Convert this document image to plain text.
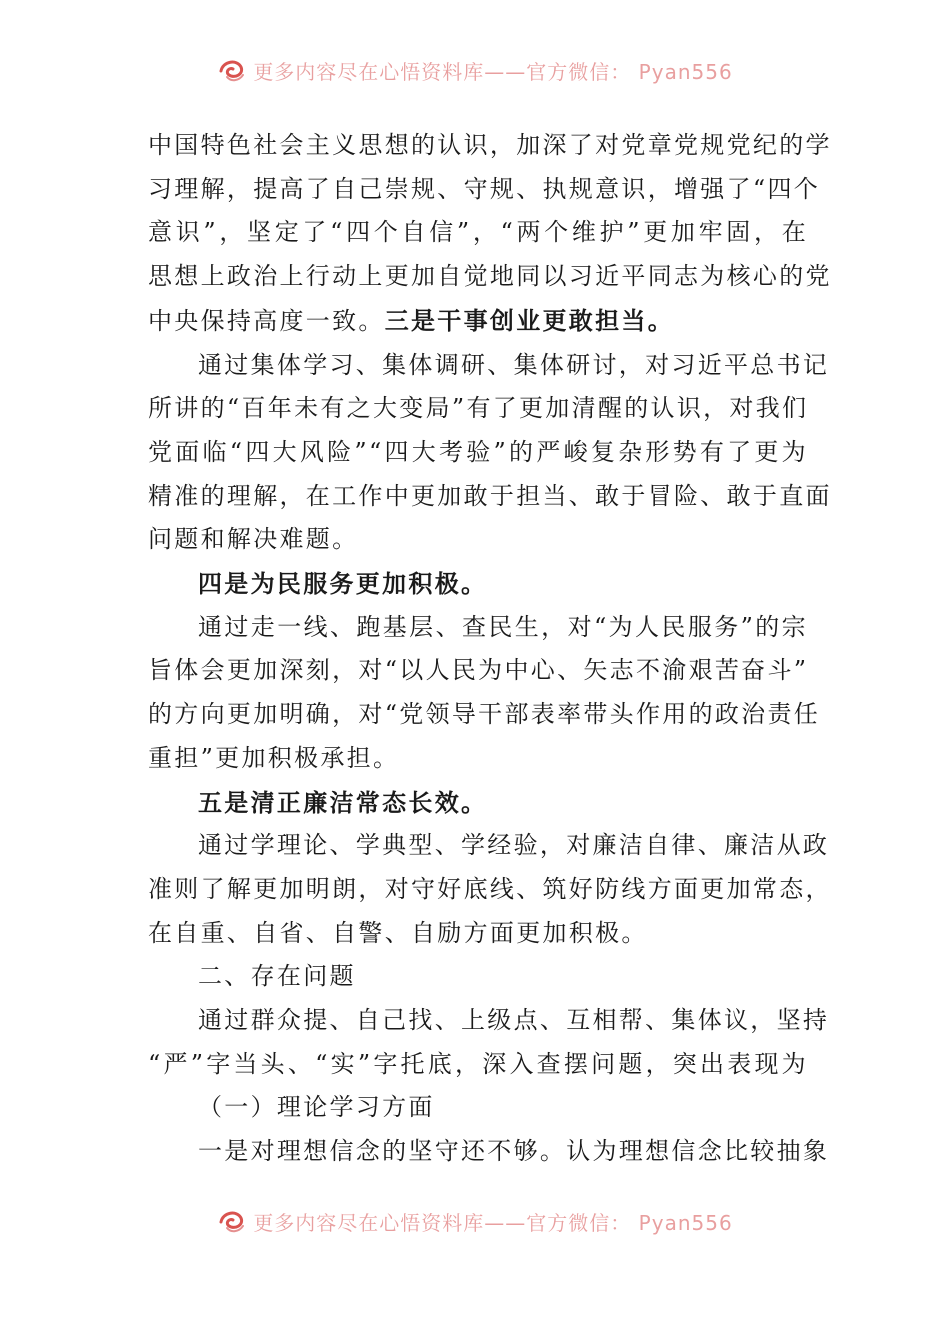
更多内容尽在心悟资料库——官方微信： Pyan556

中国特色社会主义思想的认识，加深了对党章党规党纪的学

习理解，提高了自己崇规、守规、执规意识，增强了“四个

意识”，坚定了“四个自信”，“两个维护”更加牢固，在

思想上政治上行动上更加自觉地同以习近平同志为核心的党

中央保持高度一致。三是干事创业更敢担当。

通过集体学习、集体调研、集体研讨，对习近平总书记

所讲的“百年未有之大变局”有了更加清醒的认识，对我们

党面临“四大风险”“四大考验”的严峻复杂形势有了更为

精准的理解，在工作中更加敢于担当、敢于冒险、敢于直面

问题和解决难题。

四是为民服务更加积极。

通过走一线、跑基层、查民生，对“为人民服务”的宗

旨体会更加深刻，对“以人民为中心、矢志不渝艰苦奋斗”

的方向更加明确，对“党领导干部表率带头作用的政治责任

重担”更加积极承担。

五是清正廉洁常态长效。

通过学理论、学典型、学经验，对廉洁自律、廉洁从政

准则了解更加明朗，对守好底线、筑好防线方面更加常态，

在自重、自省、自警、自励方面更加积极。

二、存在问题

通过群众提、自己找、上级点、互相帮、集体议，坚持

“严”字当头、“实”字托底，深入查摆问题，突出表现为

（一）理论学习方面

一是对理想信念的坚守还不够。认为理想信念比较抽象

更多内容尽在心悟资料库——官方微信： Pyan556
